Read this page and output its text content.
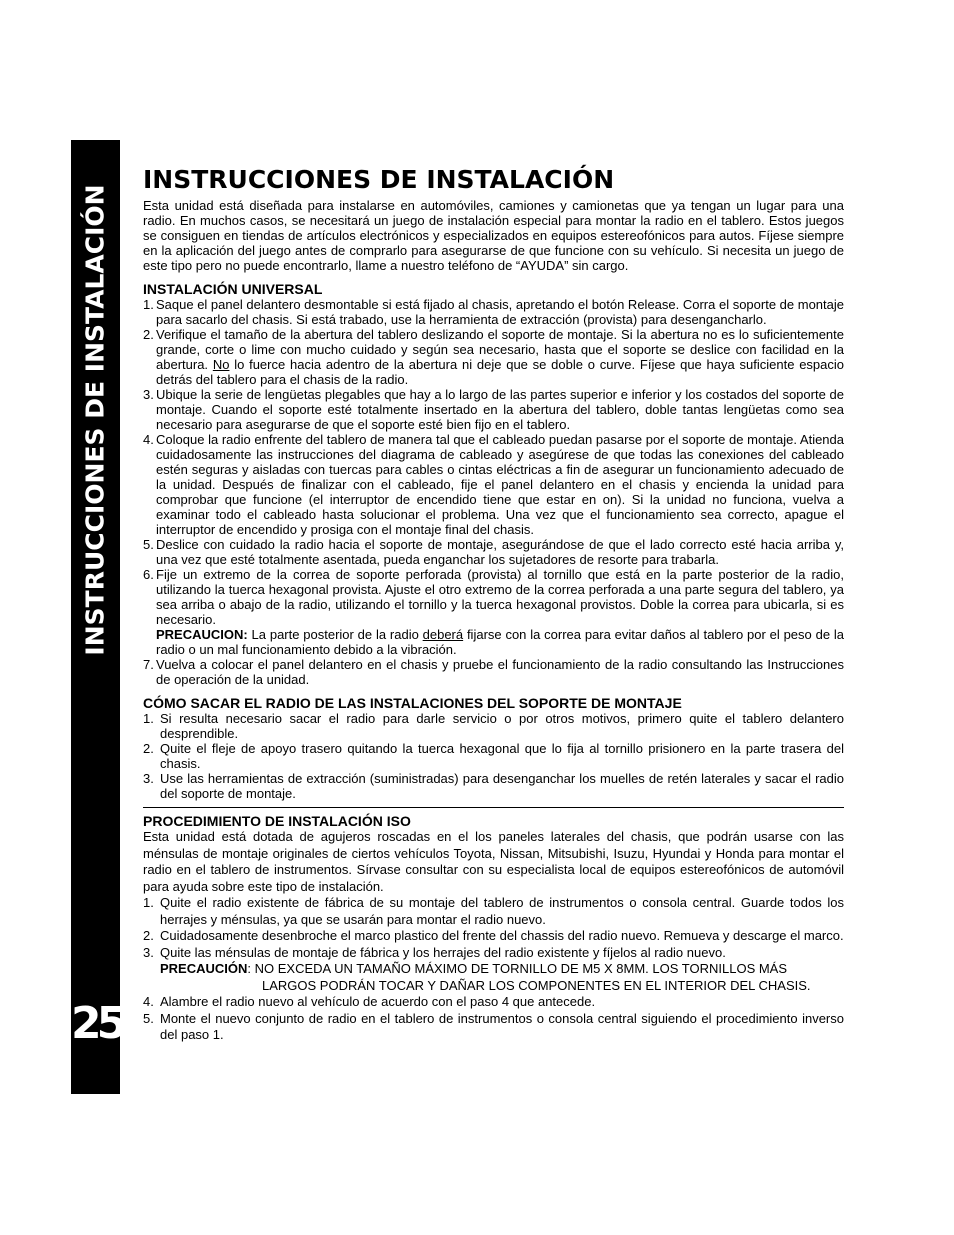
INSTRUCCIONES DE INSTALACIÓN
25
INSTRUCCIONES DE INSTALACIÓN

Esta unidad está diseñada para instalarse en automóviles, camiones y camionetas que ya tengan un lugar para una radio. En muchos casos, se necesitará un juego de instalación especial para montar la radio en el tablero. Estos juegos se consiguen en tiendas de artículos electrónicos y especializados en equipos estereofónicos para autos. Fíjese siempre en la aplicación del juego antes de comprarlo para asegurarse de que funcione con su vehículo. Si necesita un juego de este tipo pero no puede encontrarlo, llame a nuestro teléfono de “AYUDA” sin cargo.

INSTALACIÓN UNIVERSAL
1. Saque el panel delantero desmontable si está fijado al chasis, apretando el botón Release. Corra el soporte de montaje para sacarlo del chasis. Si está trabado, use la herramienta de extracción (provista) para desengancharlo.
2. Verifique el tamaño de la abertura del tablero deslizando el soporte de montaje. Si la abertura no es lo suficientemente grande, corte o lime con mucho cuidado y según sea necesario, hasta que el soporte se deslice con facilidad en la abertura. No lo fuerce hacia adentro de la abertura ni deje que se doble o curve. Fíjese que haya suficiente espacio detrás del tablero para el chasis de la radio.
3. Ubique la serie de lengüetas plegables que hay a lo largo de las partes superior e inferior y los costados del soporte de montaje. Cuando el soporte esté totalmente insertado en la abertura del tablero, doble tantas lengüetas como sea necesario para asegurarse de que el soporte esté bien fijo en el tablero.
4. Coloque la radio enfrente del tablero de manera tal que el cableado puedan pasarse por el soporte de montaje. Atienda cuidadosamente las instrucciones del diagrama de cableado y asegúrese de que todas las conexiones del cableado estén seguras y aisladas con tuercas para cables o cintas eléctricas a fin de asegurar un funcionamiento adecuado de la unidad. Después de finalizar con el cableado, fije el panel delantero en el chasis y encienda la unidad para comprobar que funcione (el interruptor de encendido tiene que estar en on). Si la unidad no funciona, vuelva a examinar todo el cableado hasta solucionar el problema. Una vez que el funcionamiento sea correcto, apague el interruptor de encendido y prosiga con el montaje final del chasis.
5. Deslice con cuidado la radio hacia el soporte de montaje, asegurándose de que el lado correcto esté hacia arriba y, una vez que esté totalmente asentada, pueda enganchar los sujetadores de resorte para trabarla.
6. Fije un extremo de la correa de soporte perforada (provista) al tornillo que está en la parte posterior de la radio, utilizando la tuerca hexagonal provista. Ajuste el otro extremo de la correa perforada a una parte segura del tablero, ya sea arriba o abajo de la radio, utilizando el tornillo y la tuerca hexagonal provistos. Doble la correa para ubicarla, si es necesario.
PRECAUCION: La parte posterior de la radio deberá fijarse con la correa para evitar daños al tablero por el peso de la radio o un mal funcionamiento debido a la vibración.
7. Vuelva a colocar el panel delantero en el chasis y pruebe el funcionamiento de la radio consultando las Instrucciones de operación de la unidad.
CÓMO SACAR EL RADIO DE LAS INSTALACIONES DEL SOPORTE DE MONTAJE
1. Si resulta necesario sacar el radio para darle servicio o por otros motivos, primero quite el tablero delantero desprendible.
2. Quite el fleje de apoyo trasero quitando la tuerca hexagonal que lo fija al tornillo prisionero en la parte trasera del chasis.
3. Use las herramientas de extracción (suministradas) para desenganchar los muelles de retén laterales y sacar el radio del soporte de montaje.
PROCEDIMIENTO DE INSTALACIÓN ISO

Esta unidad está dotada de agujeros roscadas en el los paneles laterales del chasis, que podrán usarse con las ménsulas de montaje originales de ciertos vehículos Toyota, Nissan, Mitsubishi, Isuzu, Hyundai y Honda para montar el radio en el tablero de instrumentos. Sírvase consultar con su especialista local de equipos estereofónicos de automóvil para ayuda sobre este tipo de instalación.

1. Quite el radio existente de fábrica de su montaje del tablero de instrumentos o consola central. Guarde todos los herrajes y ménsulas, ya que se usarán para montar el radio nuevo.
2. Cuidadosamente desenbroche el marco plastico del frente del chassis del radio nuevo. Remueva y descarge el marco.
3. Quite las ménsulas de montaje de fábrica y los herrajes del radio existente y fíjelos al radio nuevo.
PRECAUCIÓN: NO EXCEDA UN TAMAÑO MÁXIMO DE TORNILLO DE M5 X 8MM. LOS TORNILLOS MÁS
LARGOS PODRÁN TOCAR Y DAÑAR LOS COMPONENTES EN EL INTERIOR DEL CHASIS.
4. Alambre el radio nuevo al vehículo de acuerdo con el paso 4 que antecede.
5. Monte el nuevo conjunto de radio en el tablero de instrumentos o consola central siguiendo el procedimiento inverso del paso 1.
